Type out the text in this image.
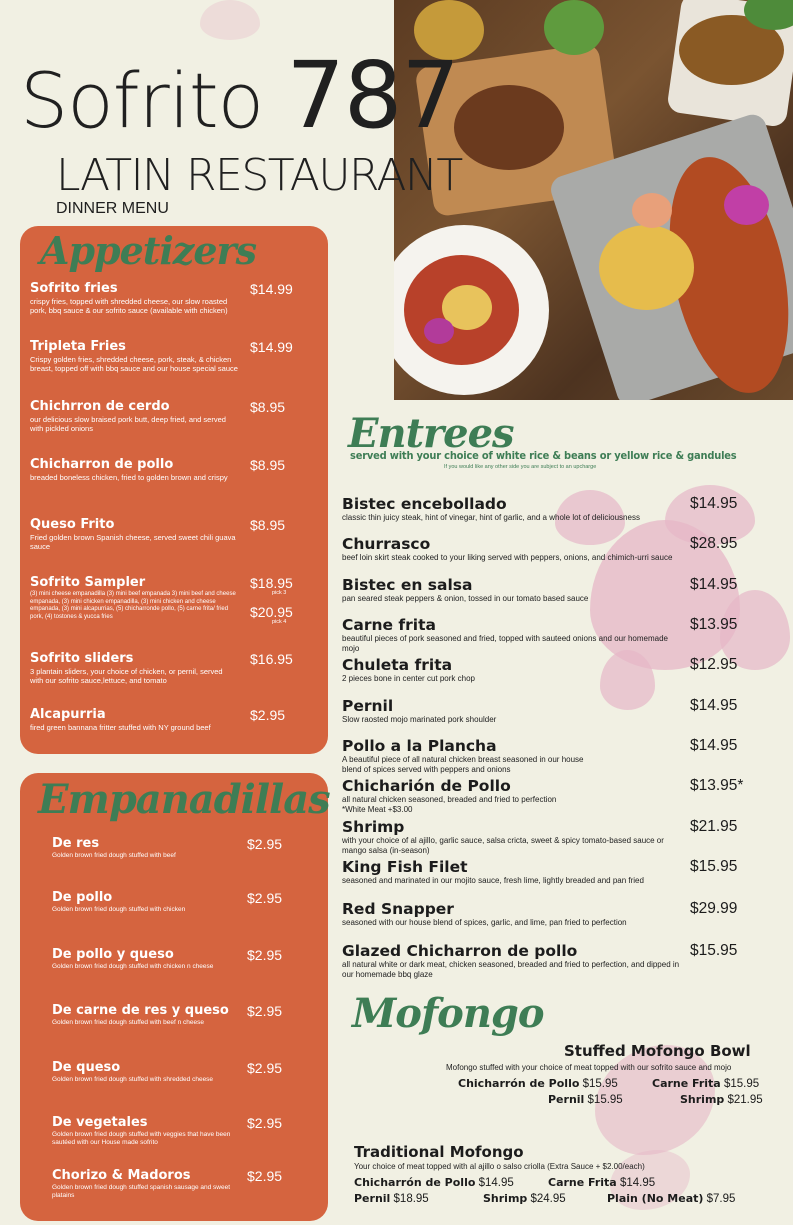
Sofrito 787
LATIN RESTAURANT
DINNER MENU
Appetizers
Sofrito fries
crispy fries, topped with shredded cheese, our slow roasted pork, bbq sauce & our sofrito sauce (available with chicken)
$14.99
Tripleta Fries
Crispy golden fries, shredded cheese, pork, steak, & chicken breast, topped off with bbq sauce and our house special sauce
$14.99
Chichrron de cerdo
our delicious slow braised pork butt, deep fried, and served with pickled onions
$8.95
Chicharron de pollo
breaded boneless chicken, fried to golden brown and crispy
$8.95
Queso Frito
Fried golden brown Spanish cheese, served sweet chili guava sauce
$8.95
Sofrito Sampler
(3) mini cheese empanadilla (3) mini beef empanada 3) mini beef and cheese empanada, (3) mini chicken empanadilla, (3) mini chicken and cheese empanada, (3) mini alcapurrias, (5) chicharronde pollo, (5) carne frita/ fried pork, (4) tostones & yucca fries
$18.95
pick 3
$20.95
pick 4
Sofrito sliders
3 plantain sliders, your choice of chicken, or pernil, served with our sofrito sauce,lettuce, and tomato
$16.95
Alcapurria
fired green bannana fritter stuffed with NY ground beef
$2.95
Empanadillas
De res
Golden brown fried dough stuffed with beef
$2.95
De pollo
Golden brown fried dough stuffed with chicken
$2.95
De pollo y queso
Golden brown fried dough stuffed with chicken n cheese
$2.95
De carne de res y queso
Golden brown fried dough stuffed with beef n cheese
$2.95
De queso
Golden brown fried dough stuffed with shredded cheese
$2.95
De vegetales
Golden brown fried dough stuffed with veggies that have been sautéed with our House made sofrito
$2.95
Chorizo & Madoros
Golden brown fried dough stuffed spanish sausage and sweet platains
$2.95
Entrees
served with your choice of white rice & beans or yellow rice & gandules
If you would like any other side you are subject to an upcharge
Bistec encebollado
classic thin juicy steak, hint of vinegar, hint of garlic, and a whole lot of deliciousness
$14.95
Churrasco
beef loin skirt steak cooked to your liking served with peppers, onions, and chimich-urri sauce
$28.95
Bistec en salsa
pan seared steak peppers & onion, tossed in our tomato based sauce
$14.95
Carne frita
beautiful pieces of pork seasoned and fried, topped with sauteed onions and our homemade mojo
$13.95
Chuleta frita
2 pieces bone in center cut pork chop
$12.95
Pernil
Slow raosted mojo marinated pork shoulder
$14.95
Pollo a la Plancha
A beautiful piece of all natural chicken breast seasoned in our house blend of spices served with peppers and onions
$14.95
Chicharión de Pollo
all natural chicken seasoned, breaded and fried to perfection
*White Meat +$3.00
$13.95*
Shrimp
with your choice of al ajillo, garlic sauce, salsa cricta, sweet & spicy tomato-based sauce or mango salsa (in-season)
$21.95
King Fish Filet
seasoned and marinated in our mojito sauce, fresh lime, lightly breaded and pan fried
$15.95
Red Snapper
seasoned with our house blend of spices, garlic, and lime, pan fried to perfection
$29.99
Glazed Chicharron de pollo
all natural white or dark meat, chicken seasoned, breaded and fried to perfection, and dipped in our homemade bbq glaze
$15.95
Mofongo
Stuffed Mofongo Bowl
Mofongo stuffed with your choice of meat topped with our sofrito sauce and mojo
Chicharrón de Pollo $15.95	Carne Frita $15.95
Pernil $15.95	Shrimp $21.95
Traditional Mofongo
Your choice of meat topped with al ajillo o salso criolla (Extra Sauce + $2.00/each)
Chicharrón de Pollo $14.95	Carne Frita $14.95
Pernil $18.95	Shrimp $24.95	Plain (No Meat) $7.95
